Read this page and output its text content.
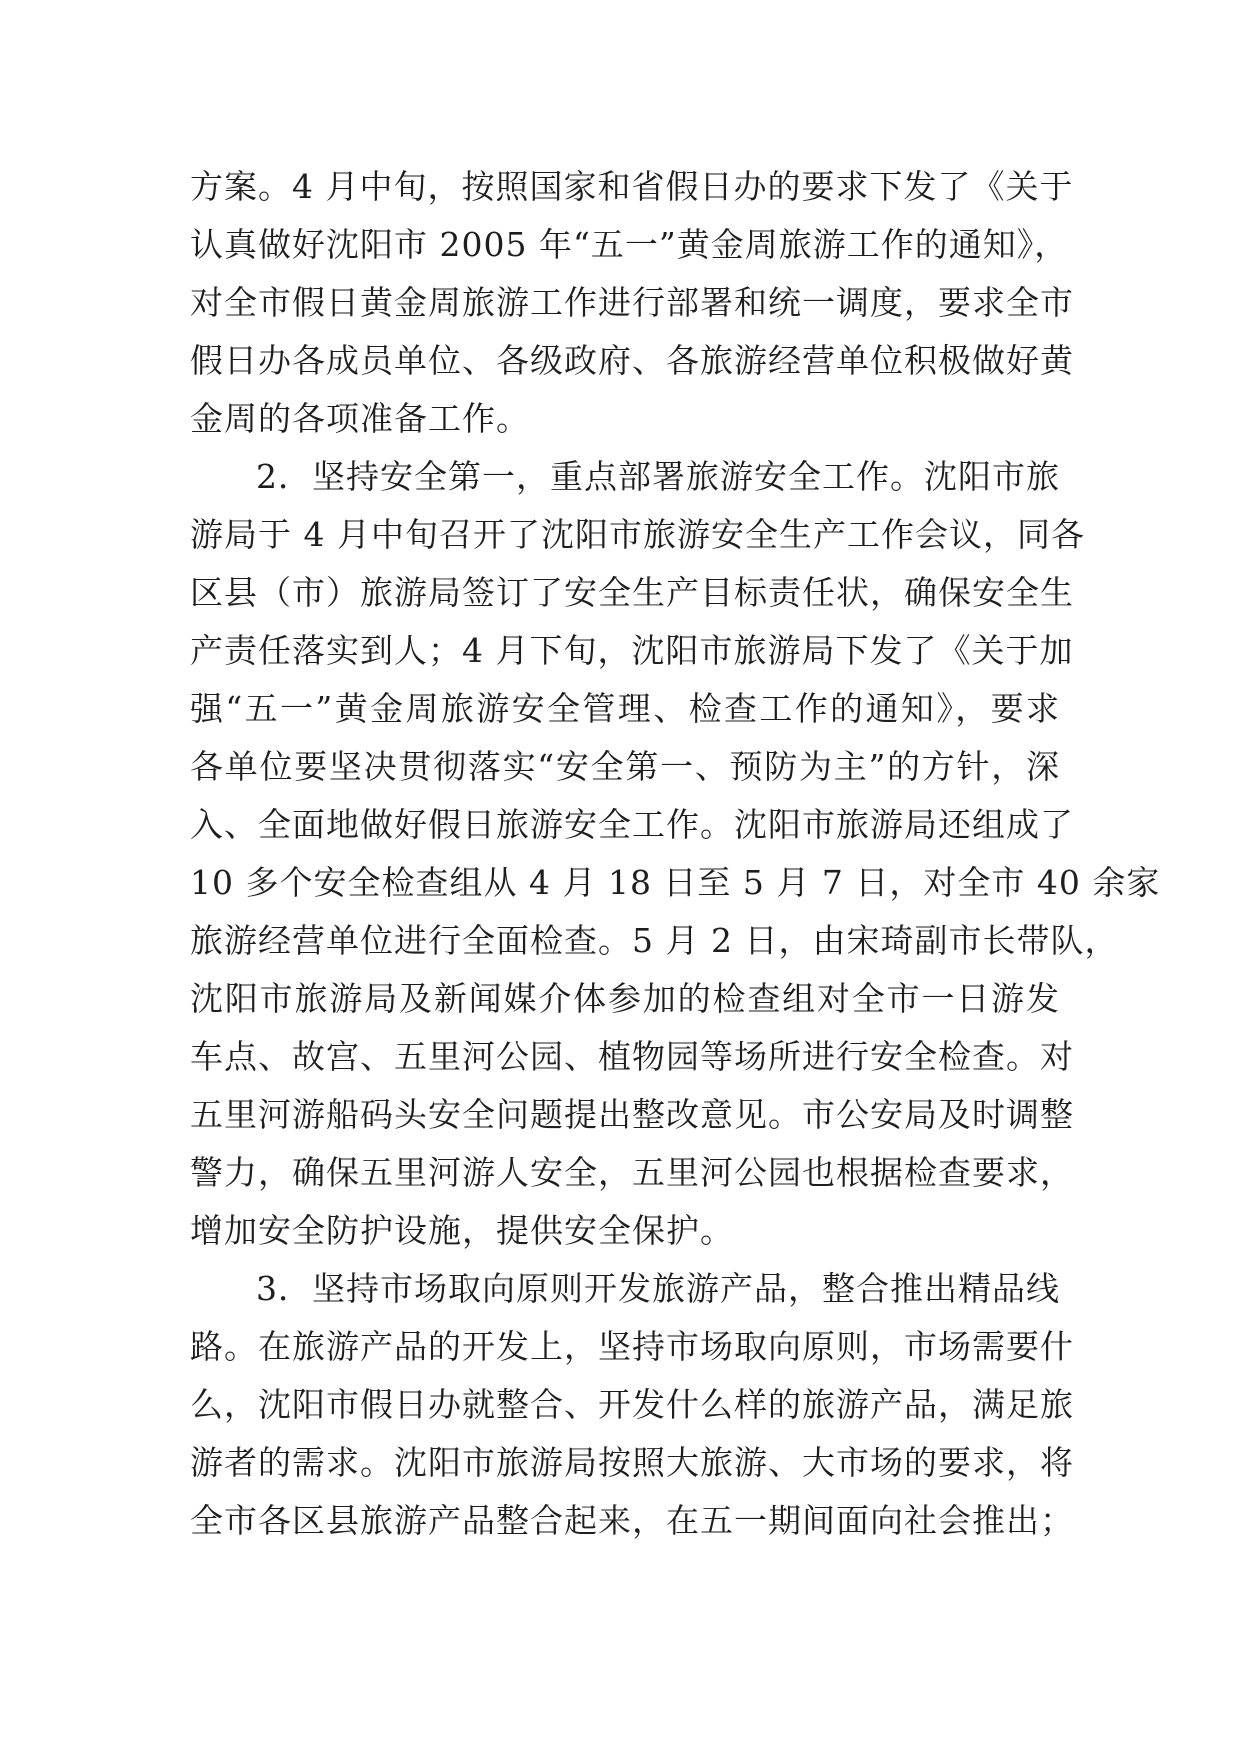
方案。4 月中旬，按照国家和省假日办的要求下发了《关于
认真做好沈阳市 2005 年“五一”黄金周旅游工作的通知》，
对全市假日黄金周旅游工作进行部署和统一调度，要求全市
假日办各成员单位、各级政府、各旅游经营单位积极做好黄
金周的各项准备工作。
2．坚持安全第一，重点部署旅游安全工作。沈阳市旅
游局于 4 月中旬召开了沈阳市旅游安全生产工作会议，同各
区县（市）旅游局签订了安全生产目标责任状，确保安全生
产责任落实到人；4 月下旬，沈阳市旅游局下发了《关于加
强“五一”黄金周旅游安全管理、检查工作的通知》，要求
各单位要坚决贯彻落实“安全第一、预防为主”的方针，深
入、全面地做好假日旅游安全工作。沈阳市旅游局还组成了
10 多个安全检查组从 4 月 18 日至 5 月 7 日，对全市 40 余家
旅游经营单位进行全面检查。5 月 2 日，由宋琦副市长带队，
沈阳市旅游局及新闻媒介体参加的检查组对全市一日游发
车点、故宫、五里河公园、植物园等场所进行安全检查。对
五里河游船码头安全问题提出整改意见。市公安局及时调整
警力，确保五里河游人安全，五里河公园也根据检查要求，
增加安全防护设施，提供安全保护。
3．坚持市场取向原则开发旅游产品，整合推出精品线
路。在旅游产品的开发上，坚持市场取向原则，市场需要什
么，沈阳市假日办就整合、开发什么样的旅游产品，满足旅
游者的需求。沈阳市旅游局按照大旅游、大市场的要求，将
全市各区县旅游产品整合起来，在五一期间面向社会推出；
